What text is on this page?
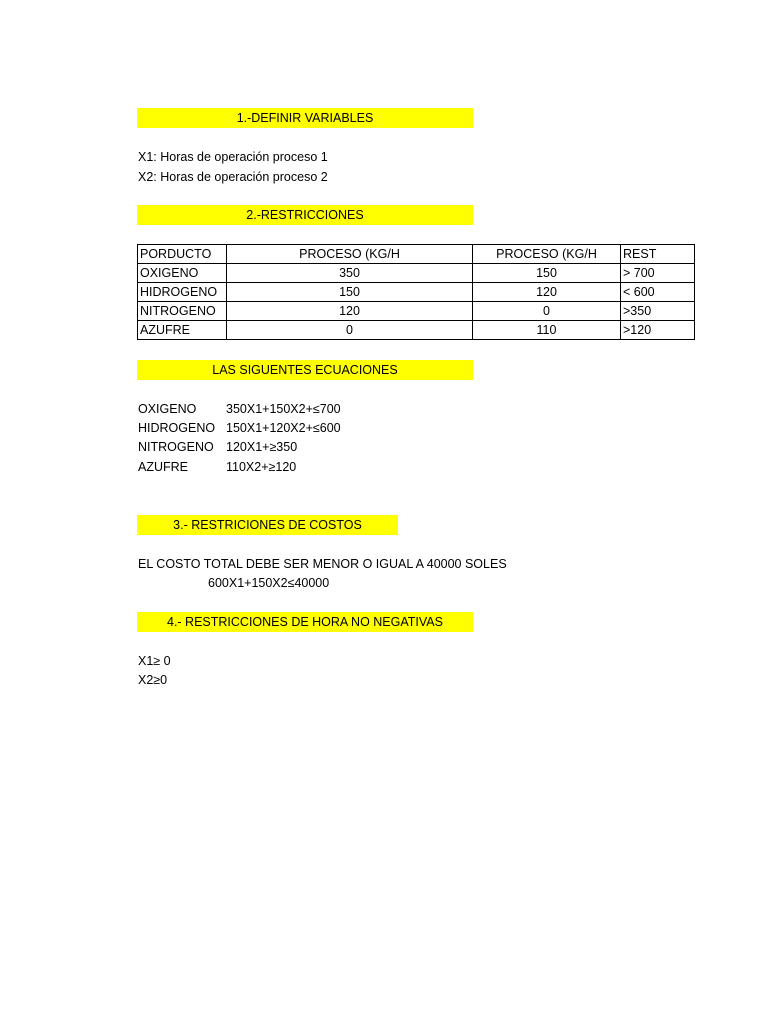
1.-DEFINIR VARIABLES
X1: Horas de operación proceso 1
X2: Horas de operación proceso 2
2.-RESTRICCIONES
PORDUCTO	PROCESO (KG/H	PROCESO (KG/H	REST
OXIGENO	350	150	> 700
HIDROGENO	150	120	< 600
NITROGENO	120	0	>350
AZUFRE	0	110	>120
LAS SIGUENTES ECUACIONES
OXIGENO 350X1+150X2+≤700
HIDROGENO 150X1+120X2+≤600
NITROGENO 120X1+≥350
AZUFRE	110X2+≥120
3.- RESTRICIONES DE COSTOS
EL COSTO TOTAL DEBE SER MENOR O IGUAL A 40000 SOLES
600X1+150X2≤40000
4.- RESTRICCIONES DE HORA NO NEGATIVAS
X1≥ 0
X2≥0
